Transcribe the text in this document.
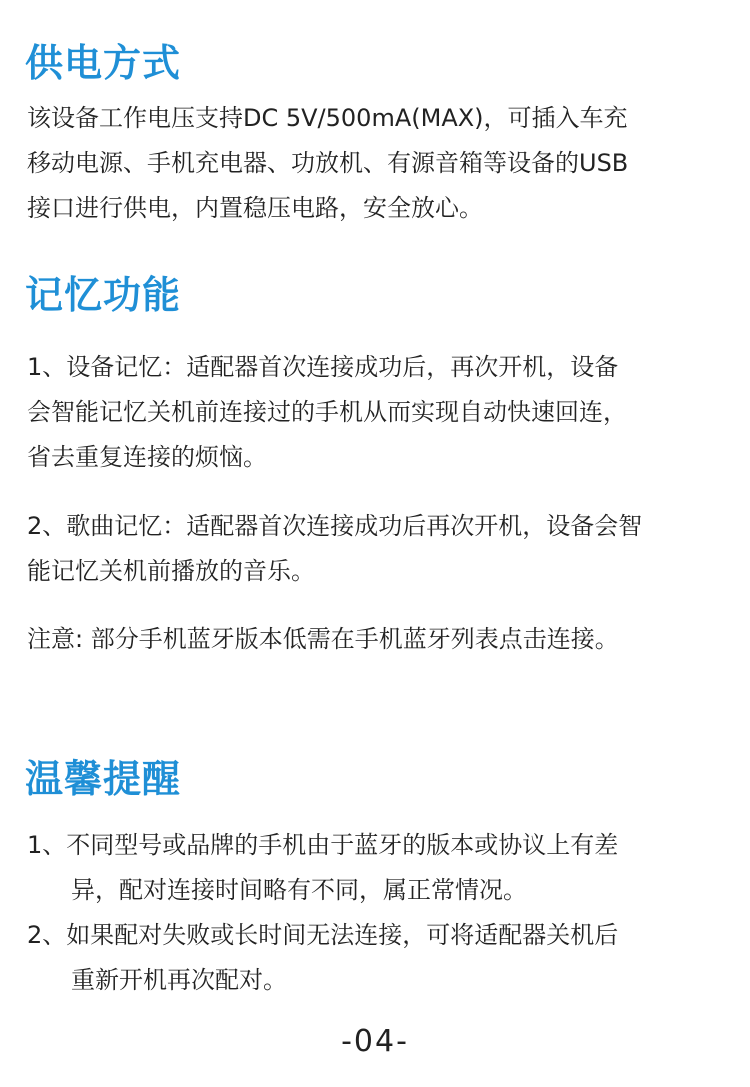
供电方式

该设备工作电压支持DC 5V/500mA(MAX)，可插入车充
移动电源、手机充电器、功放机、有源音箱等设备的USB
接口进行供电，内置稳压电路，安全放心。

记忆功能

1、设备记忆：适配器首次连接成功后，再次开机，设备
会智能记忆关机前连接过的手机从而实现自动快速回连，
省去重复连接的烦恼。

2、歌曲记忆：适配器首次连接成功后再次开机，设备会智
能记忆关机前播放的音乐。

注意: 部分手机蓝牙版本低需在手机蓝牙列表点击连接。

温馨提醒
1、不同型号或品牌的手机由于蓝牙的版本或协议上有差
异，配对连接时间略有不同，属正常情况。
2、如果配对失败或长时间无法连接，可将适配器关机后
重新开机再次配对。
-04-
